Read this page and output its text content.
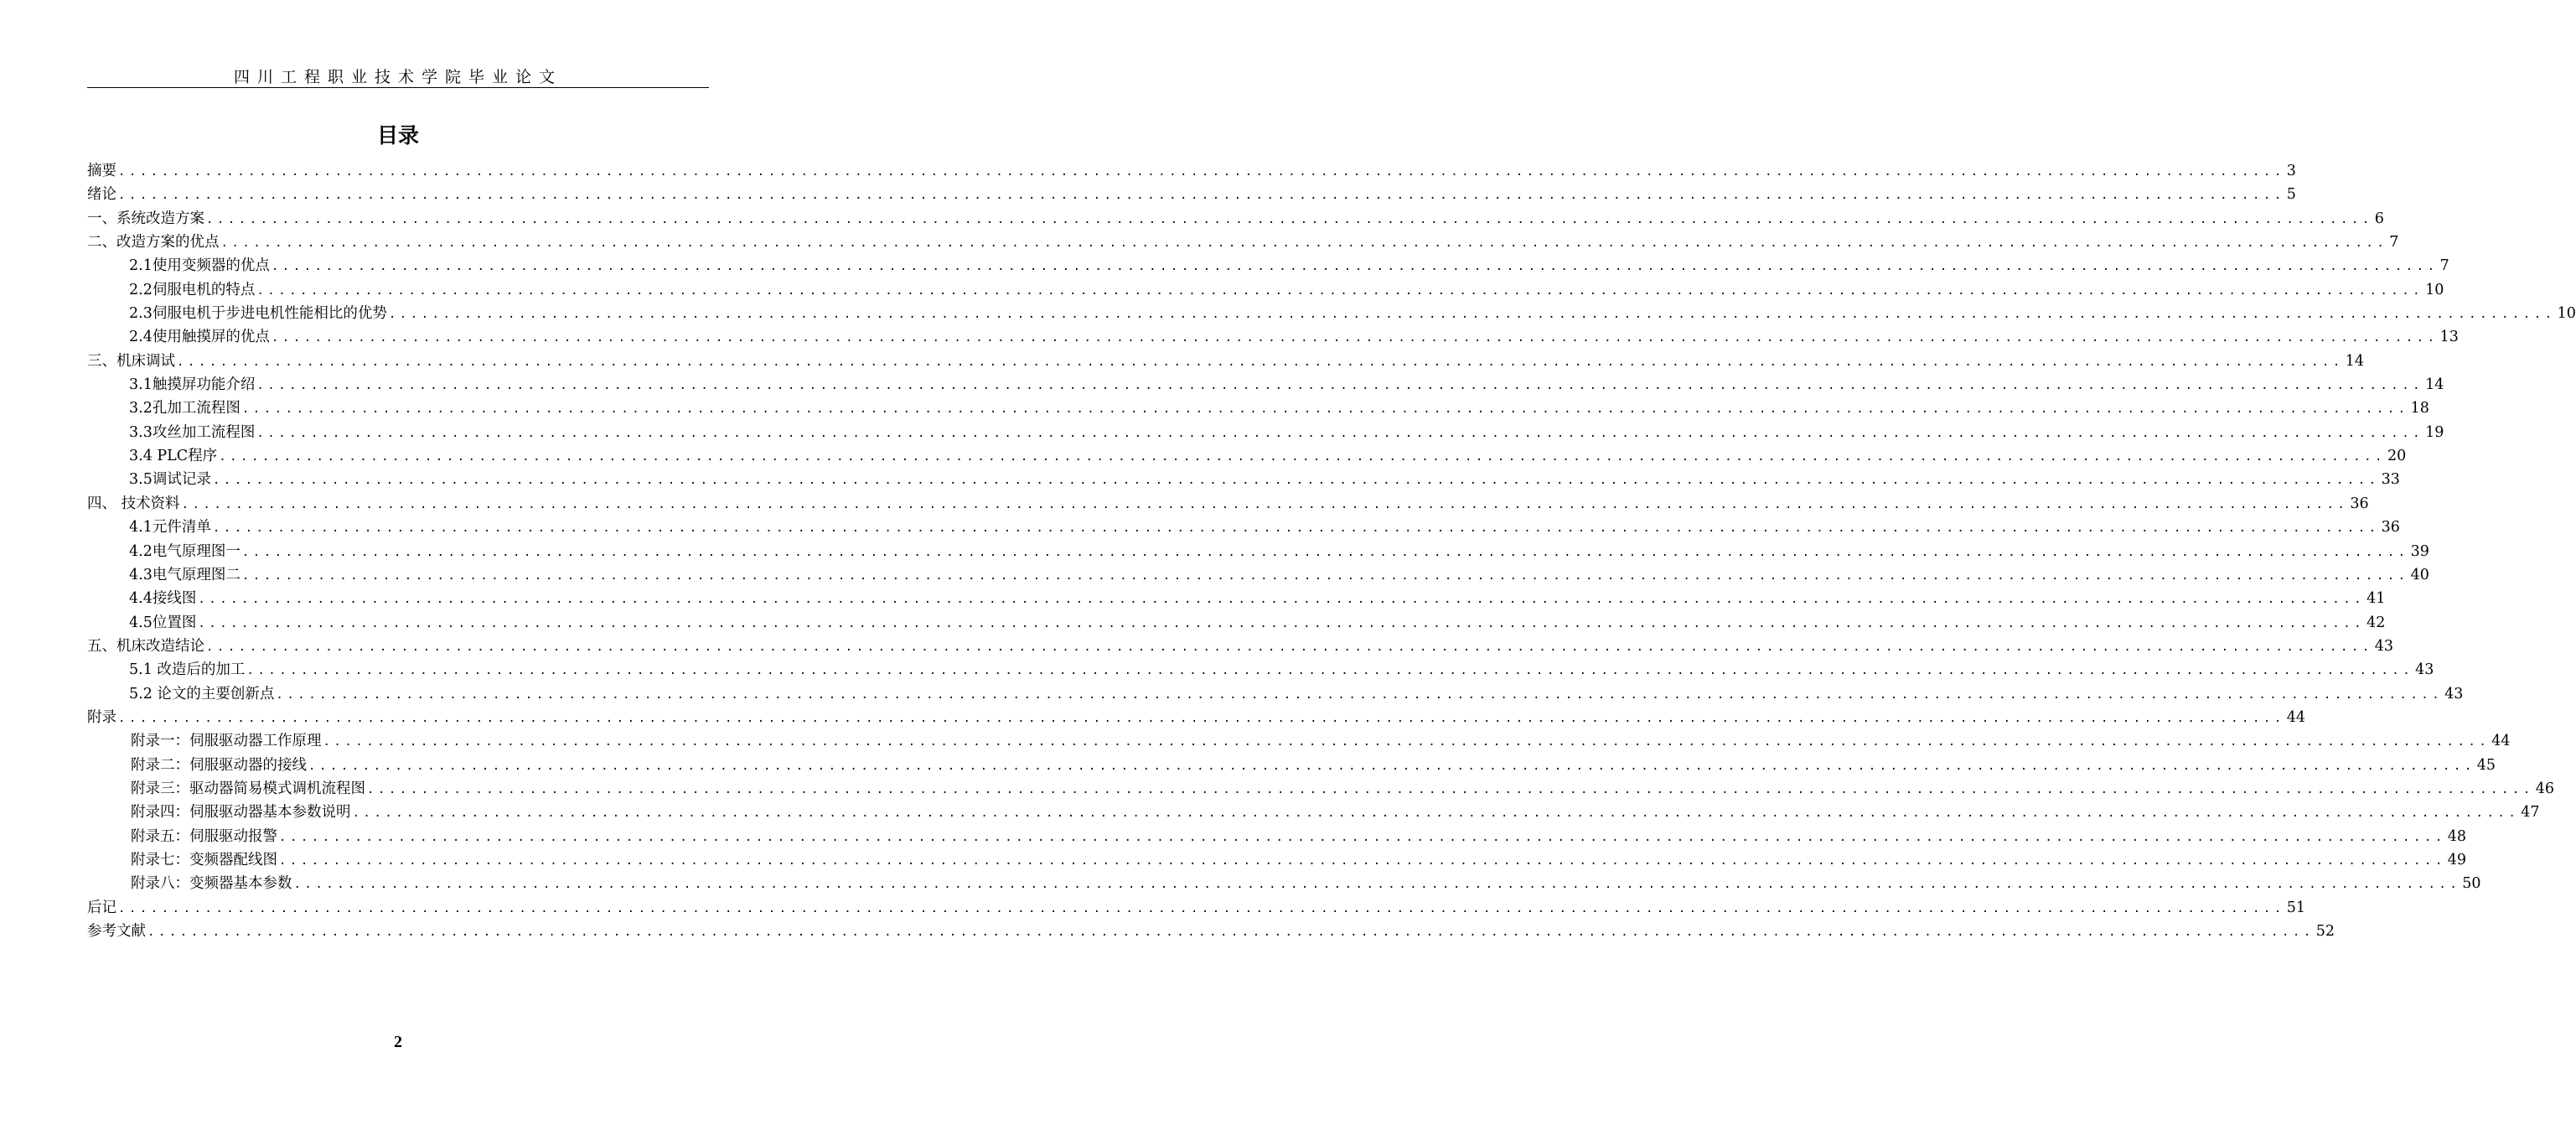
四川工程职业技术学院毕业论文
目录
摘要 ........................................................................................................................................................................................................ 3
绪论 ........................................................................................................................................................................................................ 5
一、系统改造方案 ........................................................................................................................................................................................................ 6
二、改造方案的优点 ........................................................................................................................................................................................................ 7
2.1使用变频器的优点 ........................................................................................................................................................................................................ 7
2.2伺服电机的特点 ........................................................................................................................................................................................................ 10
2.3伺服电机于步进电机性能相比的优势 ........................................................................................................................................................................................................ 10
2.4使用触摸屏的优点 ........................................................................................................................................................................................................ 13
三、机床调试 ........................................................................................................................................................................................................ 14
3.1触摸屏功能介绍 ........................................................................................................................................................................................................ 14
3.2孔加工流程图 ........................................................................................................................................................................................................ 18
3.3攻丝加工流程图 ........................................................................................................................................................................................................ 19
3.4 PLC程序 ........................................................................................................................................................................................................ 20
3.5调试记录 ........................................................................................................................................................................................................ 33
四、 技术资料 ........................................................................................................................................................................................................ 36
4.1元件清单 ........................................................................................................................................................................................................ 36
4.2电气原理图一 ........................................................................................................................................................................................................ 39
4.3电气原理图二 ........................................................................................................................................................................................................ 40
4.4接线图 ........................................................................................................................................................................................................ 41
4.5位置图 ........................................................................................................................................................................................................ 42
五、机床改造结论 ........................................................................................................................................................................................................ 43
5.1 改造后的加工 ........................................................................................................................................................................................................ 43
5.2 论文的主要创新点 ........................................................................................................................................................................................................ 43
附录 ........................................................................................................................................................................................................ 44
附录一：伺服驱动器工作原理 ........................................................................................................................................................................................................ 44
附录二：伺服驱动器的接线 ........................................................................................................................................................................................................ 45
附录三：驱动器简易模式调机流程图 ........................................................................................................................................................................................................ 46
附录四：伺服驱动器基本参数说明 ........................................................................................................................................................................................................ 47
附录五：伺服驱动报警 ........................................................................................................................................................................................................ 48
附录七：变频器配线图 ........................................................................................................................................................................................................ 49
附录八：变频器基本参数 ........................................................................................................................................................................................................ 50
后记 ........................................................................................................................................................................................................ 51
参考文献 ........................................................................................................................................................................................................ 52
2
